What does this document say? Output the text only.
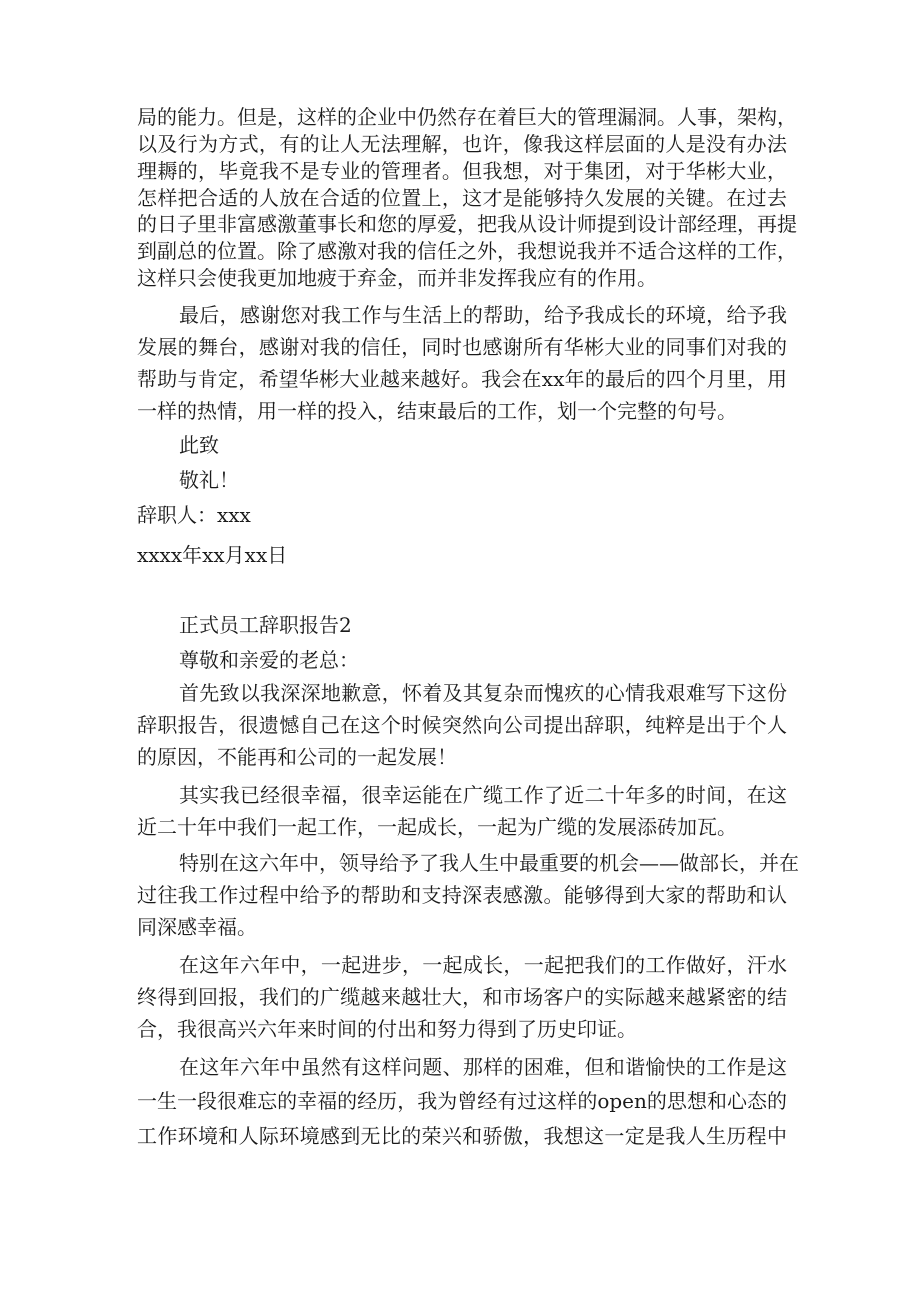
局的能力。但是，这样的企业中仍然存在着巨大的管理漏洞。人事，架构，
以及行为方式，有的让人无法理解，也许，像我这样层面的人是没有办法
理耨的，毕竟我不是专业的管理者。但我想，对于集团，对于华彬大业，
怎样把合适的人放在合适的位置上，这才是能够持久发展的关键。在过去
的日子里非富感激董事长和您的厚爱，把我从设计师提到设计部经理，再提
到副总的位置。除了感激对我的信任之外，我想说我并不适合这样的工作，
这样只会使我更加地疲于弃金，而并非发挥我应有的作用。
最后，感谢您对我工作与生活上的帮助，给予我成长的环境，给予我
发展的舞台，感谢对我的信任，同时也感谢所有华彬大业的同事们对我的
帮助与肯定，希望华彬大业越来越好。我会在xx年的最后的四个月里，用
一样的热情，用一样的投入，结束最后的工作，划一个完整的句号。
此致
敬礼！
辞职人：xxx
xxxx年xx月xx日
正式员工辞职报告2
尊敬和亲爱的老总：
首先致以我深深地歉意，怀着及其复杂而愧疚的心情我艰难写下这份
辞职报告，很遗憾自己在这个时候突然向公司提出辞职，纯粹是出于个人
的原因，不能再和公司的一起发展！
其实我已经很幸福，很幸运能在广缆工作了近二十年多的时间，在这
近二十年中我们一起工作，一起成长，一起为广缆的发展添砖加瓦。
特别在这六年中，领导给予了我人生中最重要的机会——做部长，并在
过往我工作过程中给予的帮助和支持深表感激。能够得到大家的帮助和认
同深感幸福。
在这年六年中，一起进步，一起成长，一起把我们的工作做好，汗水
终得到回报，我们的广缆越来越壮大，和市场客户的实际越来越紧密的结
合，我很高兴六年来时间的付出和努力得到了历史印证。
在这年六年中虽然有这样问题、那样的困难，但和谐愉快的工作是这
一生一段很难忘的幸福的经历，我为曾经有过这样的open的思想和心态的
工作环境和人际环境感到无比的荣兴和骄傲，我想这一定是我人生历程中
